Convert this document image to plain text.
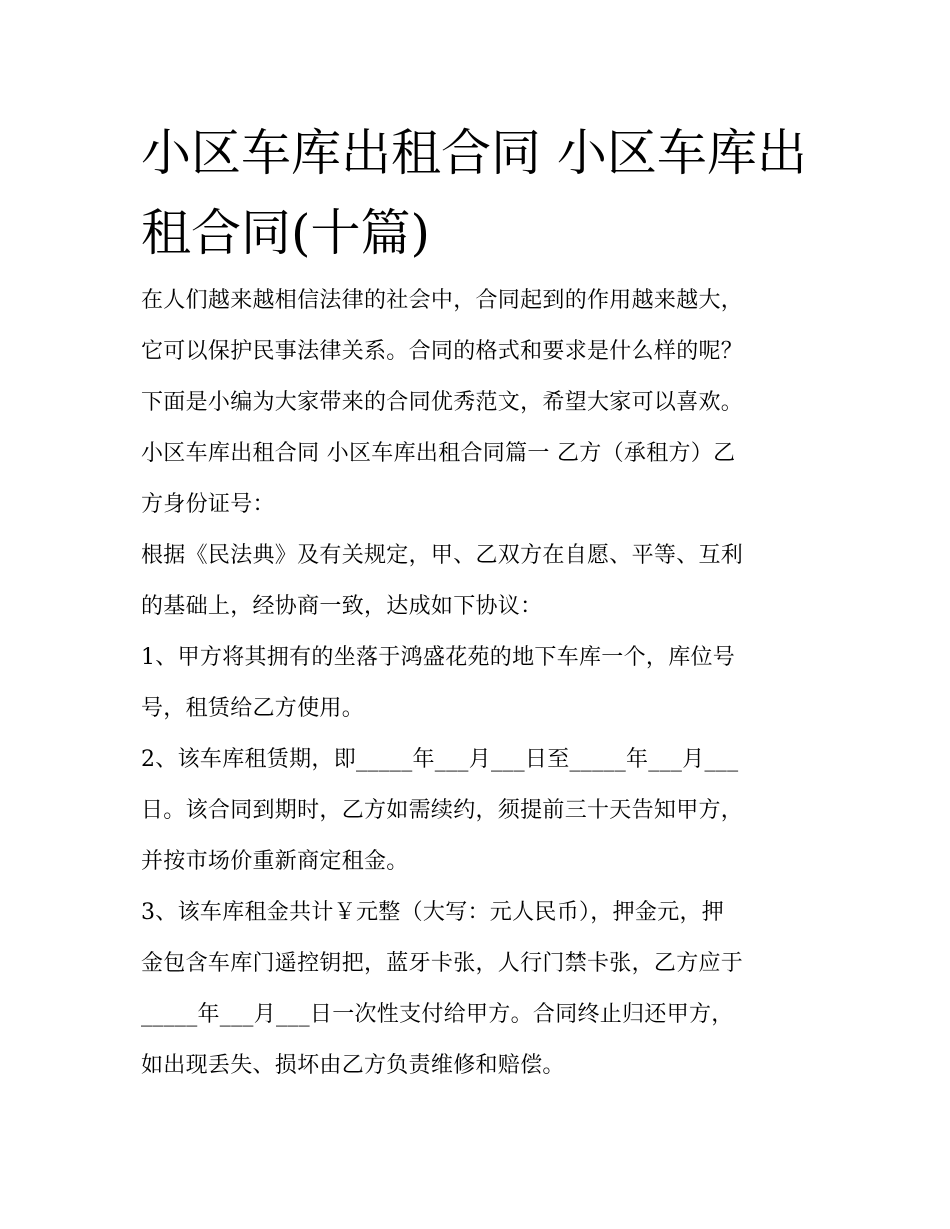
小区车库出租合同 小区车库出
租合同(十篇)

在人们越来越相信法律的社会中，合同起到的作用越来越大，
它可以保护民事法律关系。合同的格式和要求是什么样的呢？
下面是小编为大家带来的合同优秀范文，希望大家可以喜欢。

小区车库出租合同 小区车库出租合同篇一 乙方（承租方）乙
方身份证号：

根据《民法典》及有关规定，甲、乙双方在自愿、平等、互利
的基础上，经协商一致，达成如下协议：

1、甲方将其拥有的坐落于鸿盛花苑的地下车库一个，库位号
号，租赁给乙方使用。

2、该车库租赁期，即_____年___月___日至_____年___月___
日。该合同到期时，乙方如需续约，须提前三十天告知甲方，
并按市场价重新商定租金。

3、该车库租金共计￥元整（大写：元人民币），押金元，押
金包含车库门遥控钥把，蓝牙卡张，人行门禁卡张，乙方应于
_____年___月___日一次性支付给甲方。合同终止归还甲方，
如出现丢失、损坏由乙方负责维修和赔偿。
